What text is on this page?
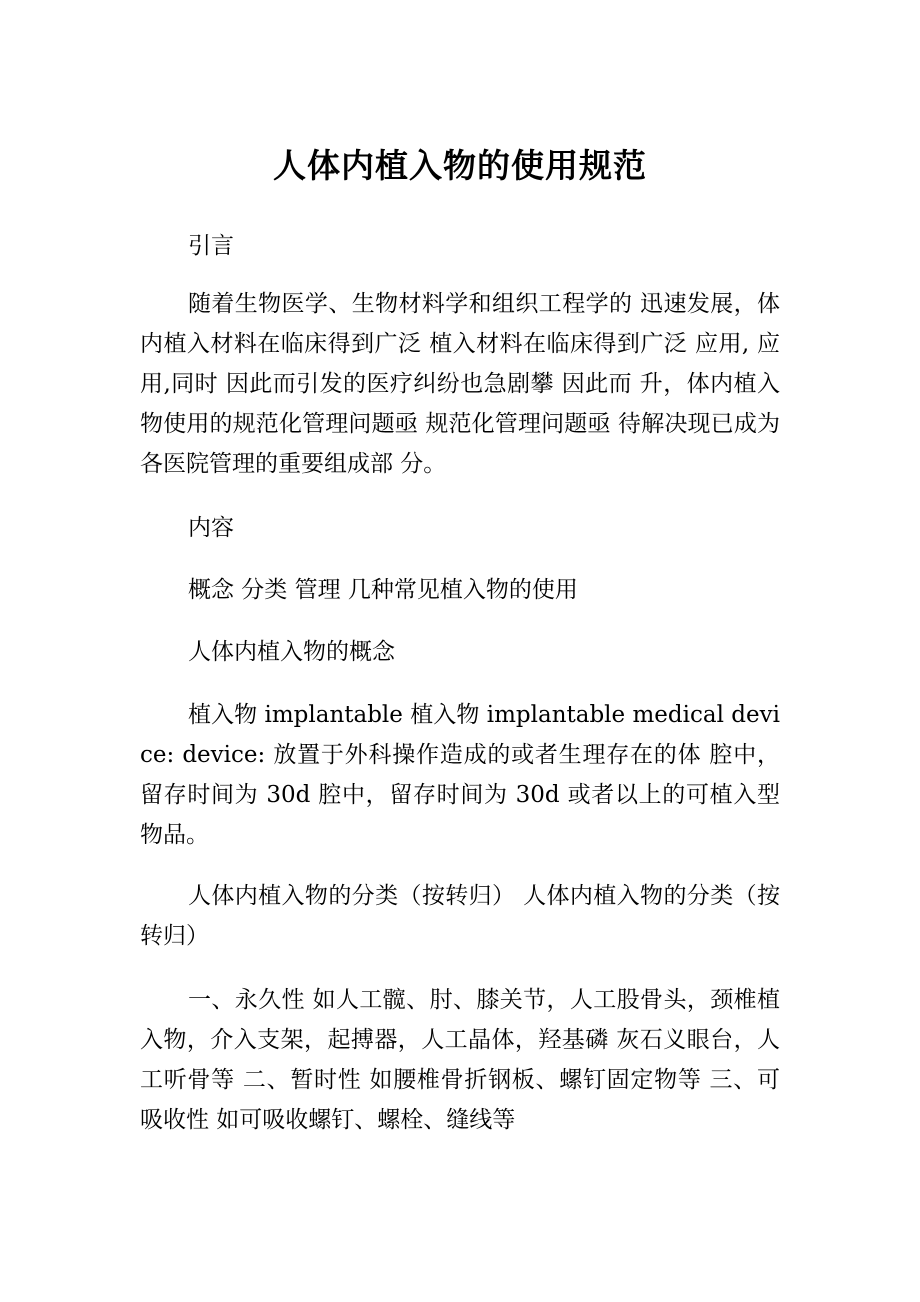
人体内植入物的使用规范

引言

随着生物医学、生物材料学和组织工程学的 迅速发展，体内植入材料在临床得到广泛 植入材料在临床得到广泛 应用, 应用,同时 因此而引发的医疗纠纷也急剧攀 因此而 升，体内植入物使用的规范化管理问题亟 规范化管理问题亟 待解决现已成为各医院管理的重要组成部 分。

内容

概念 分类 管理 几种常见植入物的使用

人体内植入物的概念

植入物 implantable 植入物 implantable medical device: device: 放置于外科操作造成的或者生理存在的体 腔中，留存时间为 30d 腔中，留存时间为 30d 或者以上的可植入型 物品。

人体内植入物的分类（按转归） 人体内植入物的分类（按转归）

一、永久性 如人工髋、肘、膝关节，人工股骨头，颈椎植 入物，介入支架，起搏器，人工晶体，羟基磷 灰石义眼台，人工听骨等 二、暂时性 如腰椎骨折钢板、螺钉固定物等 三、可吸收性 如可吸收螺钉、螺栓、缝线等
